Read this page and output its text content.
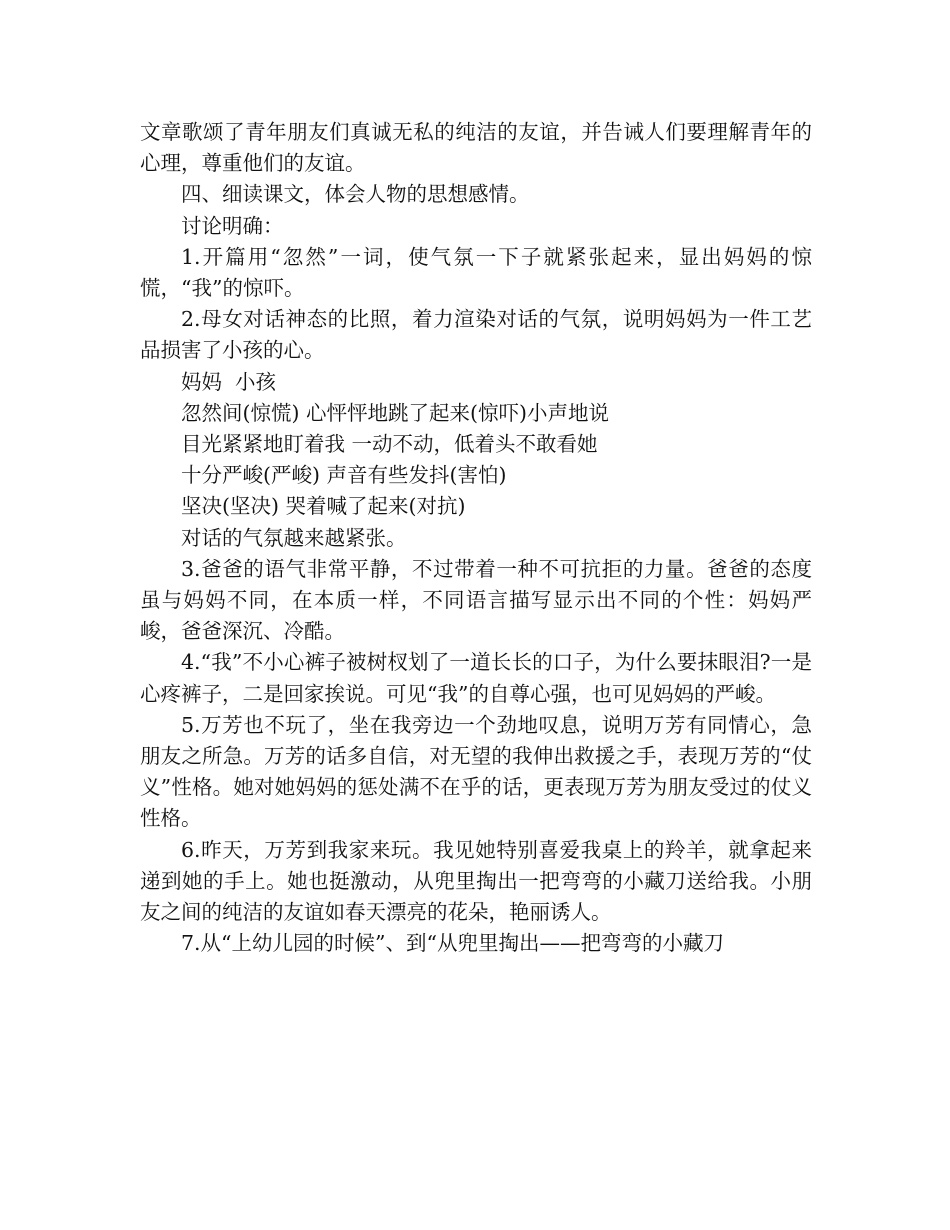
文章歌颂了青年朋友们真诚无私的纯洁的友谊，并告诫人们要理解青年的心理，尊重他们的友谊。

四、细读课文，体会人物的思想感情。

讨论明确：

1.开篇用“忽然”一词，使气氛一下子就紧张起来，显出妈妈的惊慌，“我”的惊吓。

2.母女对话神态的比照，着力渲染对话的气氛，说明妈妈为一件工艺品损害了小孩的心。

妈妈  小孩

忽然间(惊慌) 心怦怦地跳了起来(惊吓)小声地说

目光紧紧地盯着我 一动不动，低着头不敢看她

十分严峻(严峻) 声音有些发抖(害怕)

坚决(坚决) 哭着喊了起来(对抗)

对话的气氛越来越紧张。

3.爸爸的语气非常平静，不过带着一种不可抗拒的力量。爸爸的态度虽与妈妈不同，在本质一样，不同语言描写显示出不同的个性：妈妈严峻，爸爸深沉、冷酷。

4.“我”不小心裤子被树杈划了一道长长的口子，为什么要抹眼泪?一是心疼裤子，二是回家挨说。可见“我”的自尊心强，也可见妈妈的严峻。

5.万芳也不玩了，坐在我旁边一个劲地叹息，说明万芳有同情心，急朋友之所急。万芳的话多自信，对无望的我伸出救援之手，表现万芳的“仗义”性格。她对她妈妈的惩处满不在乎的话，更表现万芳为朋友受过的仗义性格。

6.昨天，万芳到我家来玩。我见她特别喜爱我桌上的羚羊，就拿起来递到她的手上。她也挺激动，从兜里掏出一把弯弯的小藏刀送给我。小朋友之间的纯洁的友谊如春天漂亮的花朵，艳丽诱人。

7.从“上幼儿园的时候”、到“从兜里掏出——把弯弯的小藏刀
